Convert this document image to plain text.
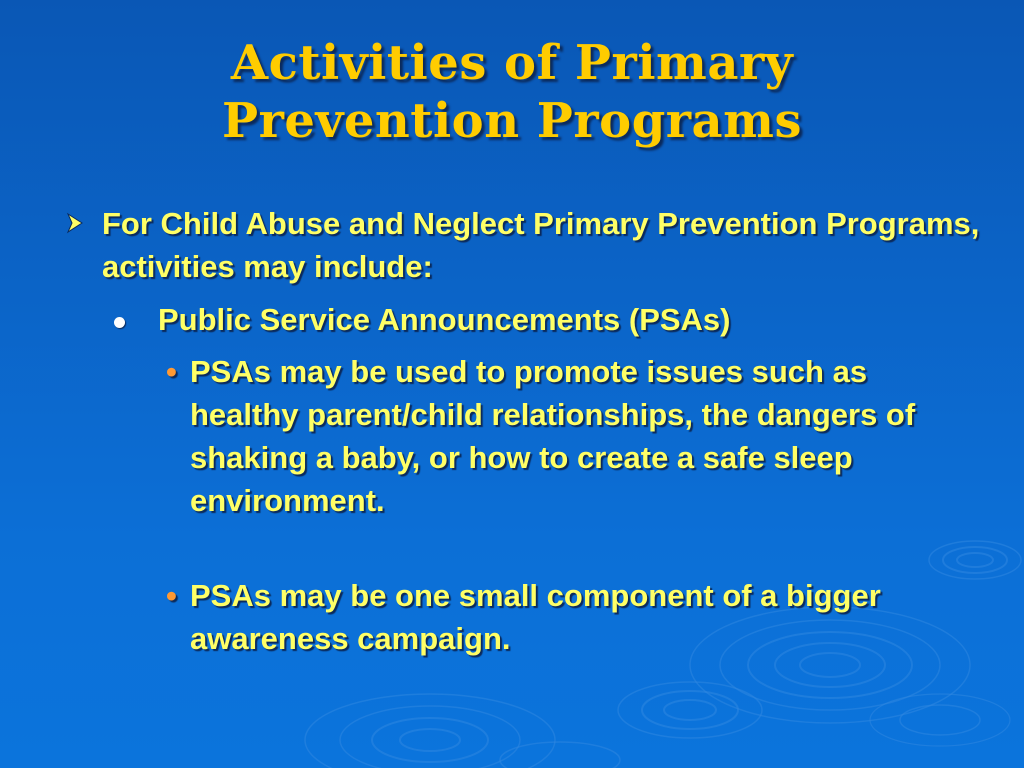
Activities of Primary
Prevention Programs
For Child Abuse and Neglect Primary Prevention Programs, activities may include:
Public Service Announcements (PSAs)
• PSAs may be used to promote issues such as healthy parent/child relationships, the dangers of shaking a baby, or how to create a safe sleep environment.
• PSAs may be one small component of a bigger awareness campaign.
